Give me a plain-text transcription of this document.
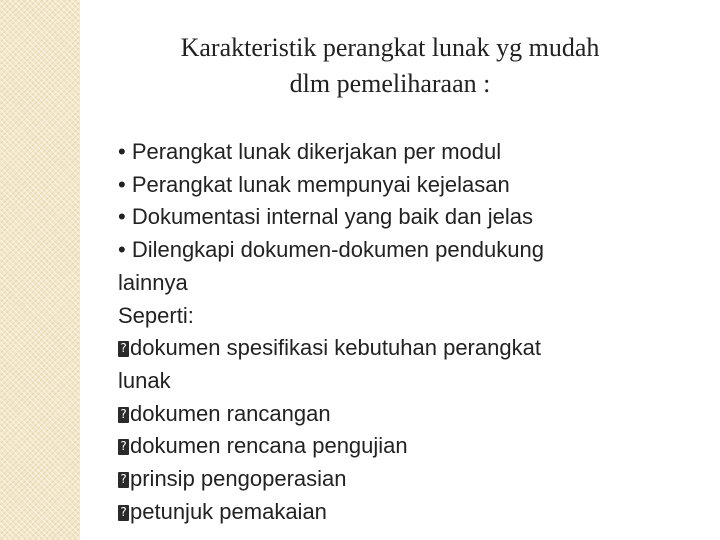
Karakteristik perangkat lunak yg mudah
dlm pemeliharaan :
• Perangkat lunak dikerjakan per modul
• Perangkat lunak mempunyai kejelasan
• Dokumentasi internal yang baik dan jelas
• Dilengkapi dokumen-dokumen pendukung
lainnya
Seperti:
?dokumen spesifikasi kebutuhan perangkat
lunak
?dokumen rancangan
?dokumen rencana pengujian
?prinsip pengoperasian
?petunjuk pemakaian
